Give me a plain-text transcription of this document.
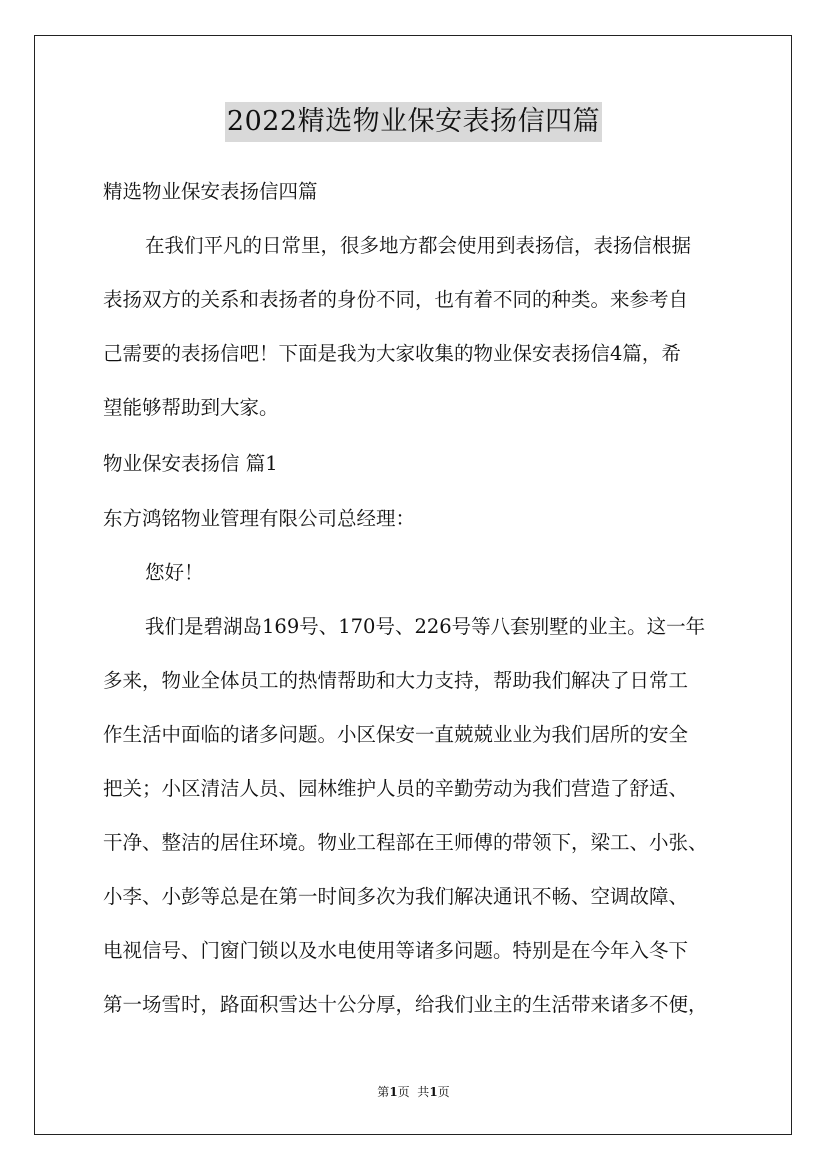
2022精选物业保安表扬信四篇
精选物业保安表扬信四篇
在我们平凡的日常里，很多地方都会使用到表扬信，表扬信根据
表扬双方的关系和表扬者的身份不同，也有着不同的种类。来参考自
己需要的表扬信吧！下面是我为大家收集的物业保安表扬信4篇，希
望能够帮助到大家。
物业保安表扬信 篇1
东方鸿铭物业管理有限公司总经理：
您好！
我们是碧湖岛169号、170号、226号等八套别墅的业主。这一年
多来，物业全体员工的热情帮助和大力支持，帮助我们解决了日常工
作生活中面临的诸多问题。小区保安一直兢兢业业为我们居所的安全
把关；小区清洁人员、园林维护人员的辛勤劳动为我们营造了舒适、
干净、整洁的居住环境。物业工程部在王师傅的带领下，梁工、小张、
小李、小彭等总是在第一时间多次为我们解决通讯不畅、空调故障、
电视信号、门窗门锁以及水电使用等诸多问题。特别是在今年入冬下
第一场雪时，路面积雪达十公分厚，给我们业主的生活带来诸多不便，
第1页  共1页
